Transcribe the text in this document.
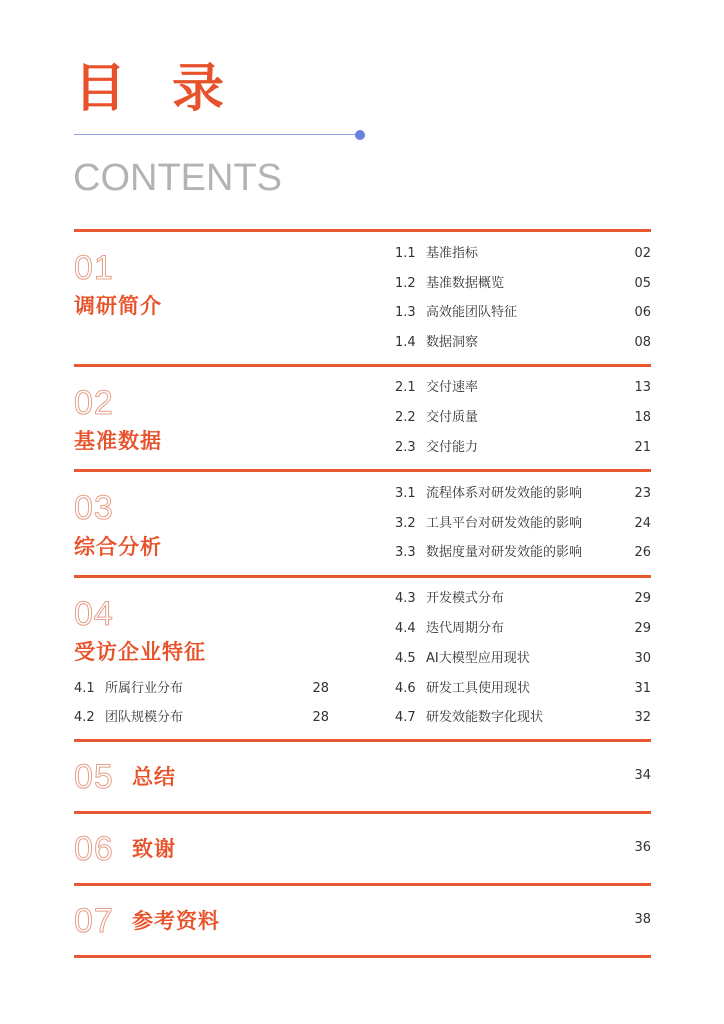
目录
CONTENTS
01
调研简介
1.1 基准指标	02
1.2 基准数据概览	05
1.3 高效能团队特征	06
1.4 数据洞察	08
02
基准数据
2.1 交付速率	13
2.2 交付质量	18
2.3 交付能力	21
03
综合分析
3.1 流程体系对研发效能的影响	23
3.2 工具平台对研发效能的影响	24
3.3 数据度量对研发效能的影响	26
04
受访企业特征
4.1 所属行业分布	28
4.2 团队规模分布	28
4.3 开发模式分布	29
4.4 迭代周期分布	29
4.5 AI大模型应用现状	30
4.6 研发工具使用现状	31
4.7 研发效能数字化现状	32
05 总结	34
06 致谢	36
07 参考资料	38
